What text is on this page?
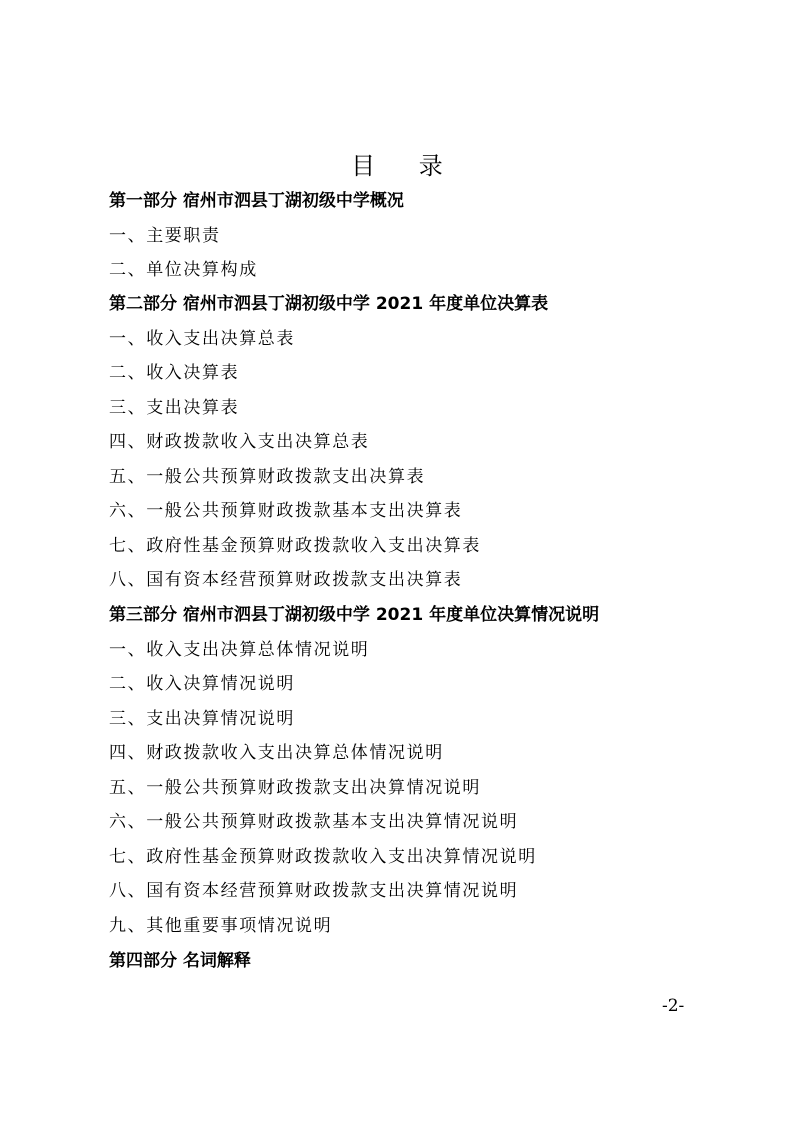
目 录
第一部分 宿州市泗县丁湖初级中学概况
一、主要职责
二、单位决算构成
第二部分 宿州市泗县丁湖初级中学 2021 年度单位决算表
一、收入支出决算总表
二、收入决算表
三、支出决算表
四、财政拨款收入支出决算总表
五、一般公共预算财政拨款支出决算表
六、一般公共预算财政拨款基本支出决算表
七、政府性基金预算财政拨款收入支出决算表
八、国有资本经营预算财政拨款支出决算表
第三部分 宿州市泗县丁湖初级中学 2021 年度单位决算情况说明
一、收入支出决算总体情况说明
二、收入决算情况说明
三、支出决算情况说明
四、财政拨款收入支出决算总体情况说明
五、一般公共预算财政拨款支出决算情况说明
六、一般公共预算财政拨款基本支出决算情况说明
七、政府性基金预算财政拨款收入支出决算情况说明
八、国有资本经营预算财政拨款支出决算情况说明
九、其他重要事项情况说明
第四部分 名词解释
-2-
